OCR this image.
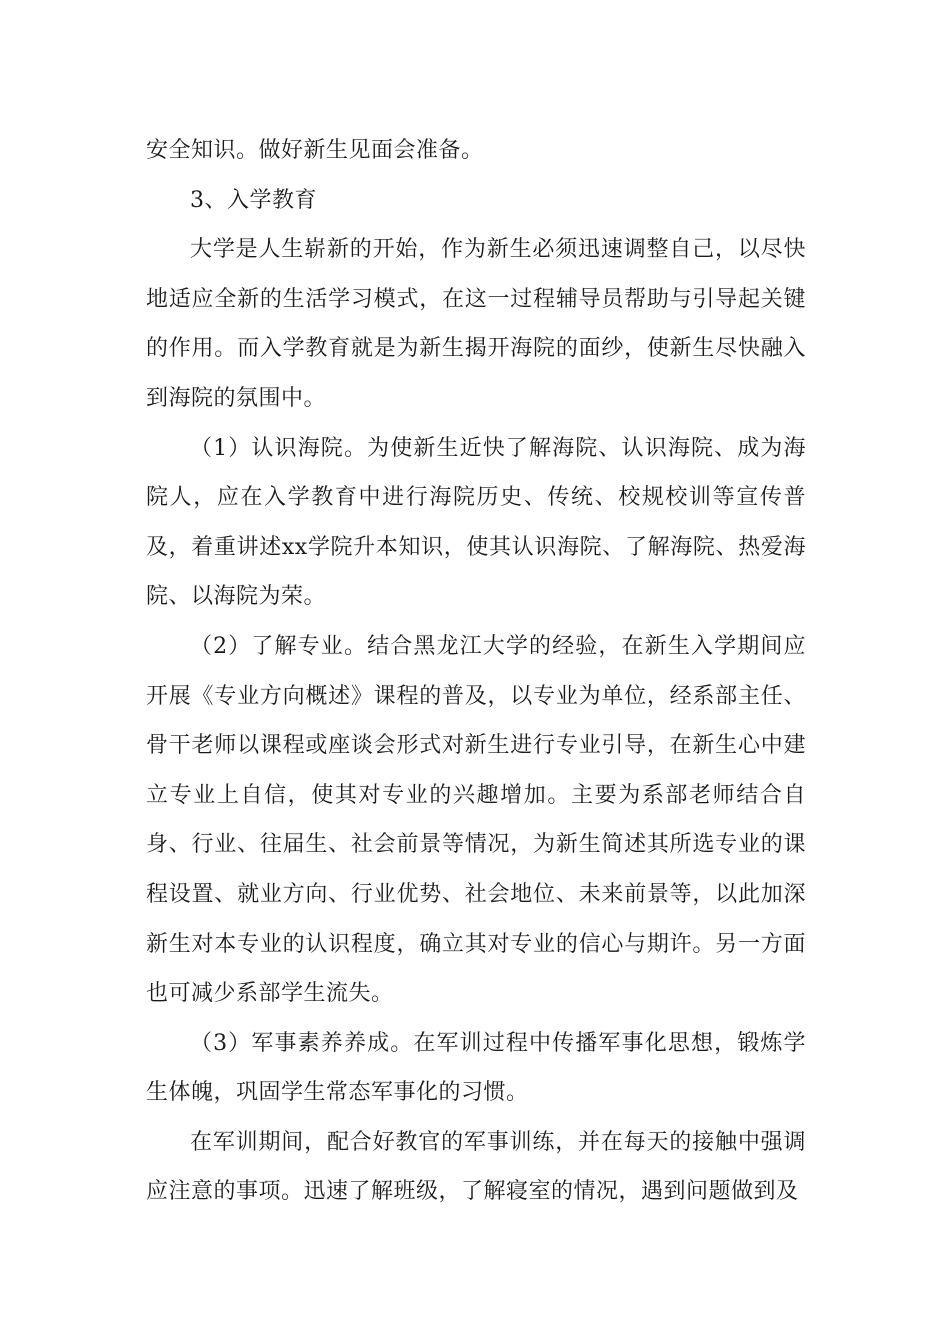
安全知识。做好新生见面会准备。

3、入学教育

大学是人生崭新的开始，作为新生必须迅速调整自己，以尽快地适应全新的生活学习模式，在这一过程辅导员帮助与引导起关键的作用。而入学教育就是为新生揭开海院的面纱，使新生尽快融入到海院的氛围中。

（1）认识海院。为使新生近快了解海院、认识海院、成为海院人，应在入学教育中进行海院历史、传统、校规校训等宣传普及，着重讲述xx学院升本知识，使其认识海院、了解海院、热爱海院、以海院为荣。

（2）了解专业。结合黑龙江大学的经验，在新生入学期间应开展《专业方向概述》课程的普及，以专业为单位，经系部主任、骨干老师以课程或座谈会形式对新生进行专业引导，在新生心中建立专业上自信，使其对专业的兴趣增加。主要为系部老师结合自身、行业、往届生、社会前景等情况，为新生简述其所选专业的课程设置、就业方向、行业优势、社会地位、未来前景等，以此加深新生对本专业的认识程度，确立其对专业的信心与期许。另一方面也可减少系部学生流失。

（3）军事素养养成。在军训过程中传播军事化思想，锻炼学生体魄，巩固学生常态军事化的习惯。

在军训期间，配合好教官的军事训练，并在每天的接触中强调应注意的事项。迅速了解班级，了解寝室的情况，遇到问题做到及
